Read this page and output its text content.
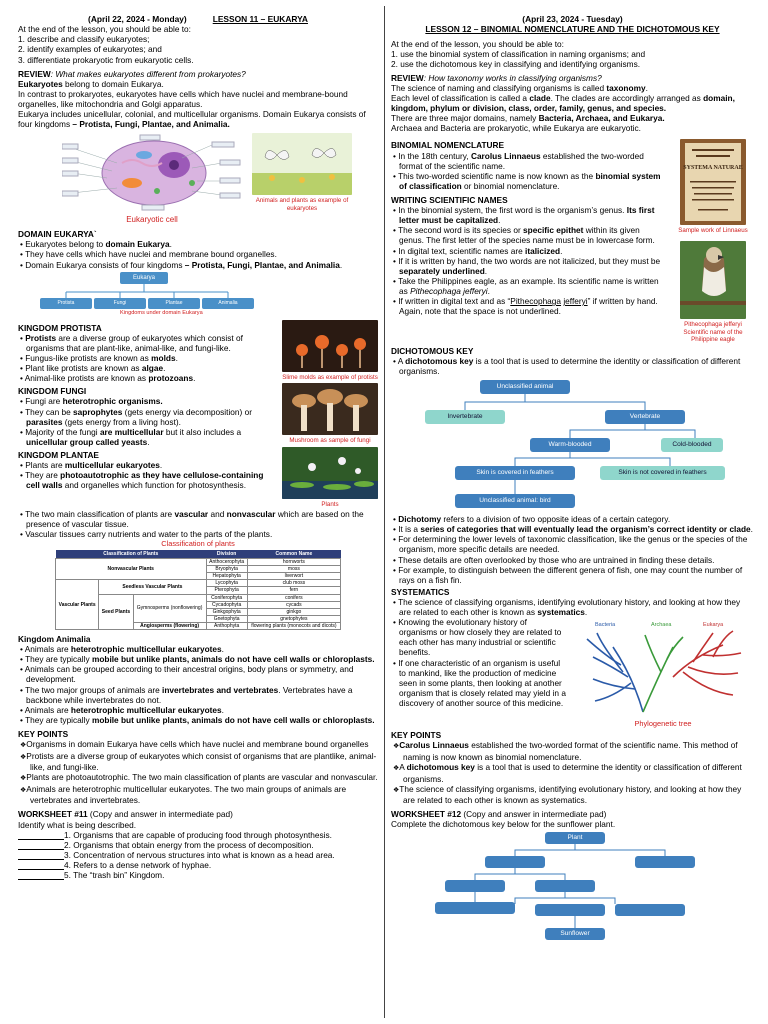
(April 22, 2024 - Monday)	LESSON 11 – EUKARYA
At the end of the lesson, you should be able to:
1. describe and classify eukaryotes;
2. identify examples of eukaryotes; and
3. differentiate prokaryotic from eukaryotic cells.
REVIEW: What makes eukaryotes different from prokaryotes?
Eukaryotes belong to domain Eukarya.
In contrast to prokaryotes, eukaryotes have cells which have nuclei and membrane-bound organelles, like mitochondria and Golgi apparatus.
Eukarya includes unicellular, colonial, and multicellular organisms. Domain Eukarya consists of four kingdoms – Protista, Fungi, Plantae, and Animalia.
Eukaryotic cell
Animals and plants as example of eukaryotes
DOMAIN EUKARYA`
• Eukaryotes belong to domain Eukarya.
• They have cells which have nuclei and membrane bound organelles.
• Domain Eukarya consists of four kingdoms – Protista, Fungi, Plantae, and Animalia.
Eukarya
Protista	Fungi	Plantae	Animalia
Kingdoms under domain Eukarya
KINGDOM PROTISTA
• Protists are a diverse group of eukaryotes which consist of organisms that are plant-like, animal-like, and fungi-like.
• Fungus-like protists are known as molds.
• Plant like protists are known as algae.
• Animal-like protists are known as protozoans.	Slime molds as example of protists
KINGDOM FUNGI
• Fungi are heterotrophic organisms.
• They can be saprophytes (gets energy via decomposition) or parasites (gets energy from a living host).
• Majority of the fungi are multicellular but it also includes a unicellular group called yeasts.	Mushroom as sample of fungi
KINGDOM PLANTAE
• Plants are multicellular eukaryotes.
• They are photoautotrophic as they have cellulose-containing cell walls and organelles which function for photosynthesis.
Plants
• The two main classification of plants are vascular and nonvascular which are based on the presence of vascular tissue.
• Vascular tissues carry nutrients and water to the parts of the plants.
Classification of plants
Classification of Plants			Division	Common Name
Nonvascular Plants			Anthocerophyta	hornworts
			Bryophyta	moss
			Hepatophyta	liverwort
Vascular Plants	Seedless Vascular Plants		Lycophyta	club moss
			Pterophyta	fern
	Seed Plants	Gymnosperms (nonflowering)	Coniferophyta	conifers
			Cycadophyta	cycads
			Ginkgophyta	ginkgo
			Gnetophyta	gnetophytes
		Angiosperms (flowering)	Anthophyta	flowering plants (monocots and dicots)
Kingdom Animalia
• Animals are heterotrophic multicellular eukaryotes.
• They are typically mobile but unlike plants, animals do not have cell walls or chloroplasts.
• Animals can be grouped according to their ancestral origins, body plans or symmetry, and development.
• The two major groups of animals are invertebrates and vertebrates. Vertebrates have a backbone while invertebrates do not.
• Animals are heterotrophic multicellular eukaryotes.
• They are typically mobile but unlike plants, animals do not have cell walls or chloroplasts.
KEY POINTS
❖ Organisms in domain Eukarya have cells which have nuclei and membrane bound organelles
❖ Protists are a diverse group of eukaryotes which consist of organisms that are plantlike, animal-like, and fungi-like.
❖ Plants are photoautotrophic. The two main classification of plants are vascular and nonvascular.
❖ Animals are heterotrophic multicellular eukaryotes. The two main groups of animals are vertebrates and invertebrates.
WORKSHEET #11 (Copy and answer in intermediate pad)
Identify what is being described.
1. Organisms that are capable of producing food through photosynthesis.
2. Organisms that obtain energy from the process of decomposition.
3. Concentration of nervous structures into what is known as a head area.
4. Refers to a dense network of hyphae.
5. The “trash bin” Kingdom.
(April 23, 2024 - Tuesday)
LESSON 12 – BINOMIAL NOMENCLATURE AND THE DICHOTOMOUS KEY
At the end of the lesson, you should be able to:
1. use the binomial system of classification in naming organisms; and
2. use the dichotomous key in classifying and identifying organisms.
REVIEW: How taxonomy works in classifying organisms?
The science of naming and classifying organisms is called taxonomy.
Each level of classification is called a clade. The clades are accordingly arranged as domain, kingdom, phylum or division, class, order, family, genus, and species.
There are three major domains, namely Bacteria, Archaea, and Eukarya.
Archaea and Bacteria are prokaryotic, while Eukarya are eukaryotic.
BINOMIAL NOMENCLATURE
• In the 18th century, Carolus Linnaeus established the two-worded format of the scientific name.
• This two-worded scientific name is now known as the binomial system of classification or binomial nomenclature.
WRITING SCIENTIFIC NAMES
• In the binomial system, the first word is the organism’s genus. Its first letter must be capitalized.
• The second word is its species or specific epithet within its given genus. The first letter of the species name must be in lowercase form.
• In digital text, scientific names are italicized.
• If it is written by hand, the two words are not italicized, but they must be separately underlined.
• Take the Philippines eagle, as an example. Its scientific name is written as Pithecophaga jefferyi.
• If written in digital text and as “Pithecophaga jefferyi” if written by hand. Again, note that the space is not underlined.
SYSTEMA NATURAE
Sample work of Linnaeus
Pithecophaga jefferyi Scientific name of the Philippine eagle
DICHOTOMOUS KEY
• A dichotomous key is a tool that is used to determine the identity or classification of different organisms.
Unclassified animal
Invertebrate	Vertebrate
Warm-blooded	Cold-blooded
Skin is covered in feathers	Skin is not covered in feathers
Unclassified animal: bird
• Dichotomy refers to a division of two opposite ideas of a certain category.
• It is a series of categories that will eventually lead the organism’s correct identity or clade.
• For determining the lower levels of taxonomic classification, like the genus or the species of the organism, more specific details are needed.
• These details are often overlooked by those who are untrained in finding these details.
• For example, to distinguish between the different genera of fish, one may count the number of rays on a fish fin.
SYSTEMATICS
• The science of classifying organisms, identifying evolutionary history, and looking at how they are related to each other is known as systematics.
• Knowing the evolutionary history of organisms or how closely they are related to each other has many industrial or scientific benefits.
• If one characteristic of an organism is useful to mankind, like the production of medicine seen in some plants, then looking at another organism that is closely related may yield in a discovery of another source of this medicine.
Bacteria	Archaea	Eukarya
Phylogenetic tree
KEY POINTS
❖ Carolus Linnaeus established the two-worded format of the scientific name. This method of naming is now known as binomial nomenclature.
❖ A dichotomous key is a tool that is used to determine the identity or classification of different organisms.
❖ The science of classifying organisms, identifying evolutionary history, and looking at how they are related to each other is known as systematics.
WORKSHEET #12 (Copy and answer in intermediate pad)
Complete the dichotomous key below for the sunflower plant.
Plant
Sunflower
